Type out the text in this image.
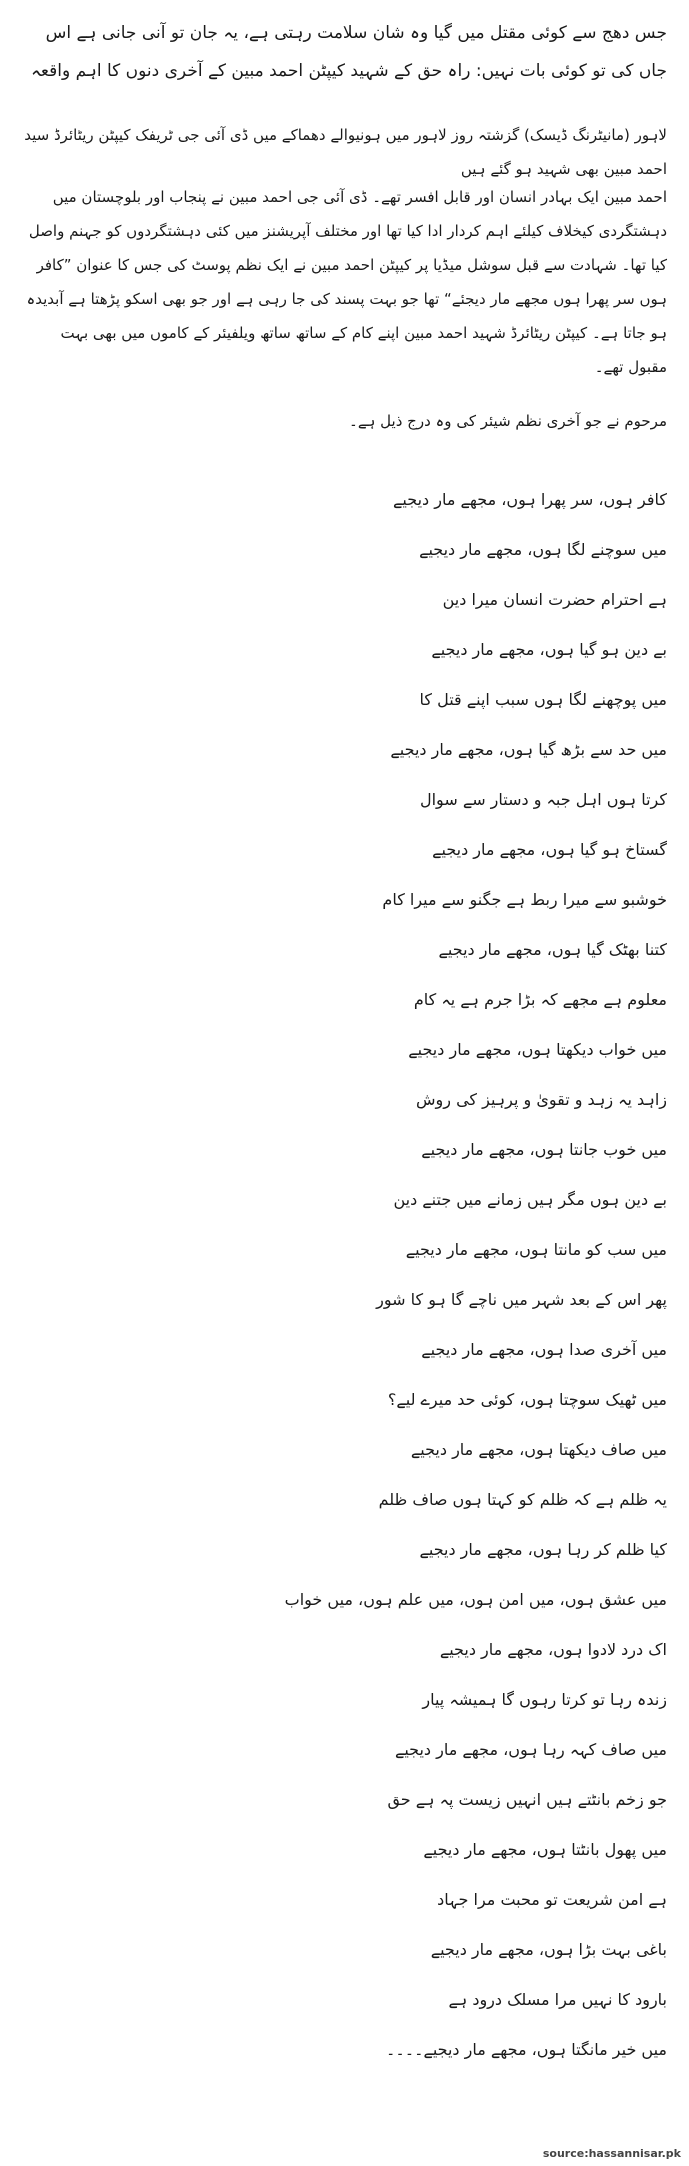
جس دھج سے کوئی مقتل میں گیا وہ شان سلامت رہتی ہے، یہ جان تو آنی جانی ہے اس جاں کی تو کوئی بات نہیں: راہ حق کے شہید کیپٹن احمد مبین کے آخری دنوں کا اہم واقعہ

لاہور (مانیٹرنگ ڈیسک) گزشتہ روز لاہور میں ہونیوالے دھماکے میں ڈی آئی جی ٹریفک کیپٹن ریٹائرڈ سید احمد مبین بھی شہید ہو گئے ہیں

احمد مبین ایک بہادر انسان اور قابل افسر تھے۔ ڈی آئی جی احمد مبین نے پنجاب اور بلوچستان میں دہشتگردی کیخلاف کیلئے اہم کردار ادا کیا تھا اور مختلف آپریشنز میں کئی دہشتگردوں کو جہنم واصل کیا تھا۔ شہادت سے قبل سوشل میڈیا پر کیپٹن احمد مبین نے ایک نظم پوسٹ کی جس کا عنوان ”کافر ہوں سر پھرا ہوں مجھے مار دیجئے“ تھا جو بہت پسند کی جا رہی ہے اور جو بھی اسکو پڑھتا ہے آبدیدہ ہو جاتا ہے۔ کیپٹن ریٹائرڈ شہید احمد مبین اپنے کام کے ساتھ ساتھ ویلفیئر کے کاموں میں بھی بہت مقبول تھے۔

مرحوم نے جو آخری نظم شیئر کی وہ درج ذیل ہے۔

کافر ہوں، سر پھرا ہوں، مجھے مار دیجیے
میں سوچنے لگا ہوں، مجھے مار دیجیے
ہے احترام حضرت انسان میرا دین
بے دین ہو گیا ہوں، مجھے مار دیجیے
میں پوچھنے لگا ہوں سبب اپنے قتل کا
میں حد سے بڑھ گیا ہوں، مجھے مار دیجیے
کرتا ہوں اہل جبہ و دستار سے سوال
گستاخ ہو گیا ہوں، مجھے مار دیجیے
خوشبو سے میرا ربط ہے جگنو سے میرا کام
کتنا بھٹک گیا ہوں، مجھے مار دیجیے
معلوم ہے مجھے کہ بڑا جرم ہے یہ کام
میں خواب دیکھتا ہوں، مجھے مار دیجیے
زاہد یہ زہد و تقویٰ و پرہیز کی روش
میں خوب جانتا ہوں، مجھے مار دیجیے
بے دین ہوں مگر ہیں زمانے میں جتنے دین
میں سب کو مانتا ہوں، مجھے مار دیجیے
پھر اس کے بعد شہر میں ناچے گا ہو کا شور
میں آخری صدا ہوں، مجھے مار دیجیے
میں ٹھیک سوچتا ہوں، کوئی حد میرے لیے؟
میں صاف دیکھتا ہوں، مجھے مار دیجیے
یہ ظلم ہے کہ ظلم کو کہتا ہوں صاف ظلم
کیا ظلم کر رہا ہوں، مجھے مار دیجیے
میں عشق ہوں، میں امن ہوں، میں علم ہوں، میں خواب
اک درد لادوا ہوں، مجھے مار دیجیے
زندہ رہا تو کرتا رہوں گا ہمیشہ پیار
میں صاف کہہ رہا ہوں، مجھے مار دیجیے
جو زخم بانٹتے ہیں انہیں زیست پہ ہے حق
میں پھول بانٹتا ہوں، مجھے مار دیجیے
ہے امن شریعت تو محبت مرا جہاد
باغی بہت بڑا ہوں، مجھے مار دیجیے
بارود کا نہیں مرا مسلک درود ہے
میں خیر مانگتا ہوں، مجھے مار دیجیے۔۔۔۔
source:hassannisar.pk
